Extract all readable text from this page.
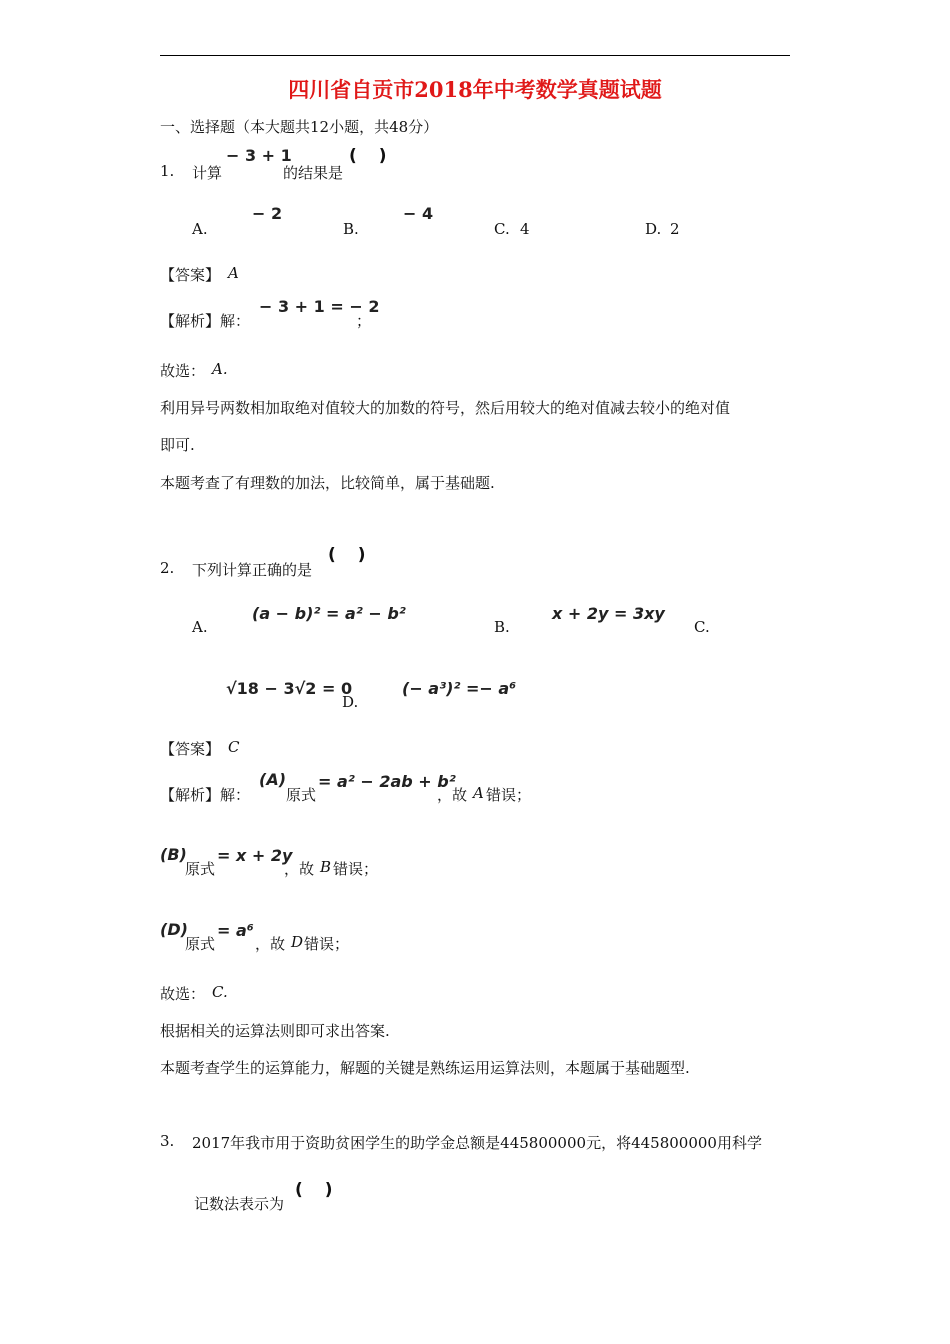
四川省自贡市2018年中考数学真题试题
一、选择题（本大题共12小题，共48分）
1. 计算
− 3 + 1
的结果是
( )
A.
− 2
B.
− 4
C. 4	D. 2
【答案】 A
【解析】解：
− 3 + 1 = − 2
；
故选： A.
利用异号两数相加取绝对值较大的加数的符号，然后用较大的绝对值减去较小的绝对值
即可.
本题考查了有理数的加法，比较简单，属于基础题.
2. 下列计算正确的是
( )
A.
(a − b)² = a² − b²
B.
x + 2y = 3xy
C.
√18 − 3√2 = 0
D.
(− a³)² =− a⁶
【答案】 C
【解析】解：
(A)
原式
= a² − 2ab + b²
，故 A 错误；
(B)
原式
= x + 2y
，故 B 错误；
(D)
原式
= a⁶
，故 D 错误；
故选： C.
根据相关的运算法则即可求出答案.
本题考查学生的运算能力，解题的关键是熟练运用运算法则，本题属于基础题型.
3. 2017年我市用于资助贫困学生的助学金总额是445800000元，将445800000用科学
记数法表示为
( )
